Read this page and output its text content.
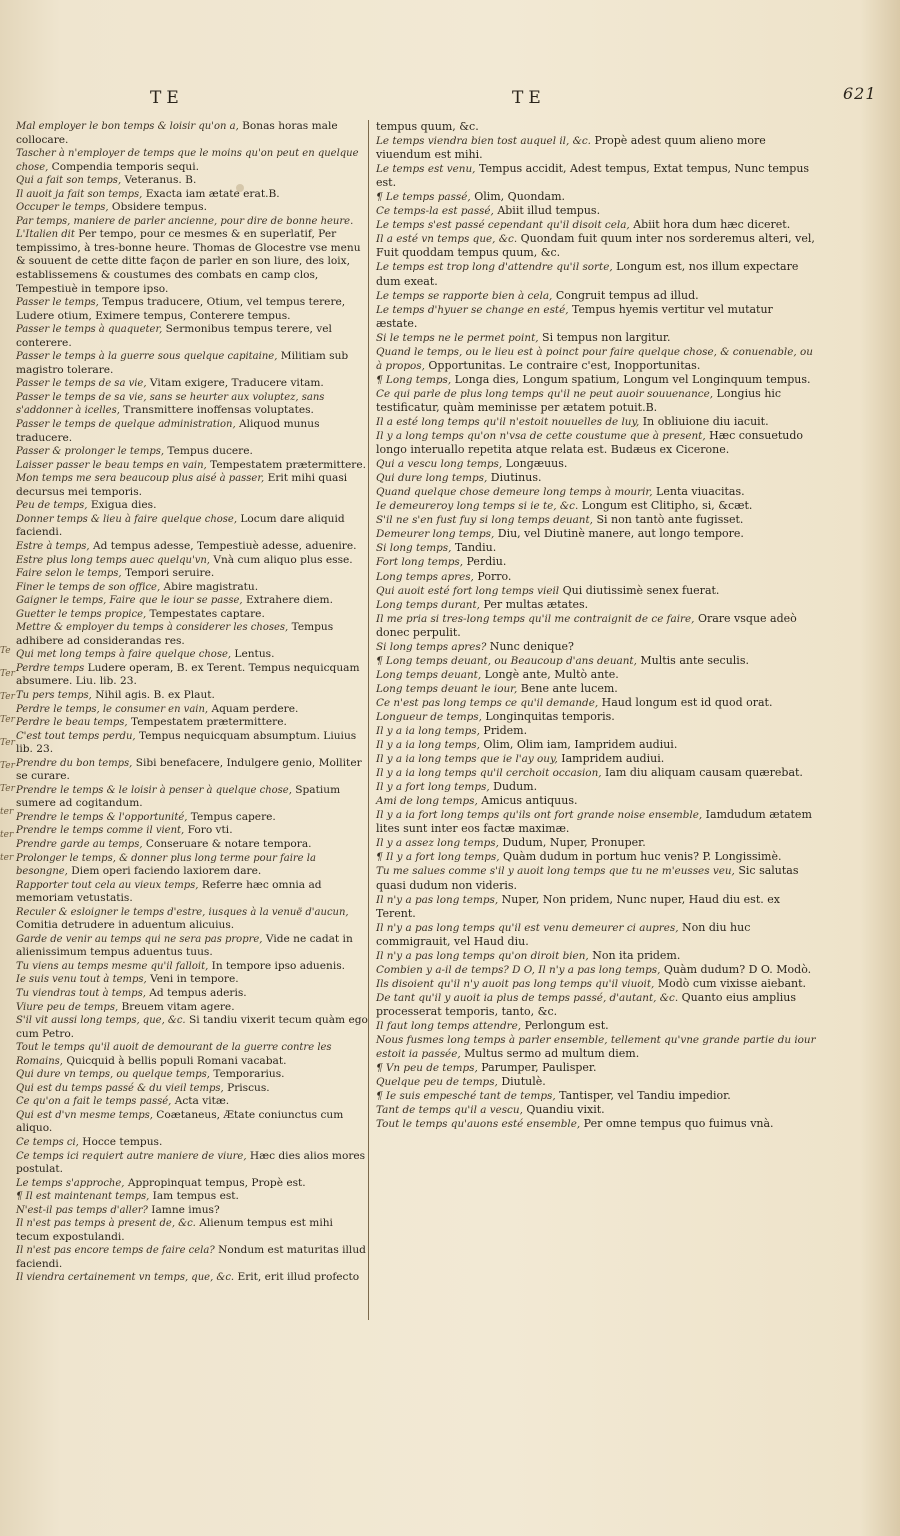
TE	TE	621
Te
Ter
Ter
Ter
Ter
Ter
Ter
ter
ter
ter
Mal employer le bon temps & loisir qu'on a, Bonas horas male collocare.
Tascher à n'employer de temps que le moins qu'on peut en quelque chose, Compendia temporis sequi.
Qui a fait son temps, Veteranus. B.
Il auoit ja fait son temps, Exacta iam ætate erat.B.
Occuper le temps, Obsidere tempus.
Par temps, maniere de parler ancienne, pour dire de bonne heure. L'Italien dit Per tempo, pour ce mesmes & en superlatif, Per tempissimo, à tres-bonne heure. Thomas de Glocestre vse menu & souuent de cette ditte façon de parler en son liure, des loix, establissemens & coustumes des combats en camp clos, Tempestiuè in tempore ipso.
Passer le temps, Tempus traducere, Otium, vel tempus terere, Ludere otium, Eximere tempus, Conterere tempus.
Passer le temps à quaqueter, Sermonibus tempus terere, vel conterere.
Passer le temps à la guerre sous quelque capitaine, Militiam sub magistro tolerare.
Passer le temps de sa vie, Vitam exigere, Traducere vitam.
Passer le temps de sa vie, sans se heurter aux voluptez, sans s'addonner à icelles, Transmittere inoffensas voluptates.
Passer le temps de quelque administration, Aliquod munus traducere.
Passer & prolonger le temps, Tempus ducere.
Laisser passer le beau temps en vain, Tempestatem prætermittere.
Mon temps me sera beaucoup plus aisé à passer, Erit mihi quasi decursus mei temporis.
Peu de temps, Exigua dies.
Donner temps & lieu à faire quelque chose, Locum dare aliquid faciendi.
Estre à temps, Ad tempus adesse, Tempestiuè adesse, aduenire.
Estre plus long temps auec quelqu'vn, Vnà cum aliquo plus esse.
Faire selon le temps, Tempori seruire.
Finer le temps de son office, Abire magistratu.
Gaigner le temps, Faire que le iour se passe, Extrahere diem.
Guetter le temps propice, Tempestates captare.
Mettre & employer du temps à considerer les choses, Tempus adhibere ad considerandas res.
Qui met long temps à faire quelque chose, Lentus.
Perdre temps Ludere operam, B. ex Terent. Tempus nequicquam absumere. Liu. lib. 23.
Tu pers temps, Nihil agis. B. ex Plaut.
Perdre le temps, le consumer en vain, Aquam perdere.
Perdre le beau temps, Tempestatem prætermittere.
C'est tout temps perdu, Tempus nequicquam absumptum. Liuius lib. 23.
Prendre du bon temps, Sibi benefacere, Indulgere genio, Molliter se curare.
Prendre le temps & le loisir à penser à quelque chose, Spatium sumere ad cogitandum.
Prendre le temps & l'opportunité, Tempus capere.
Prendre le temps comme il vient, Foro vti.
Prendre garde au temps, Conseruare & notare tempora.
Prolonger le temps, & donner plus long terme pour faire la besongne, Diem operi faciendo laxiorem dare.
Rapporter tout cela au vieux temps, Referre hæc omnia ad memoriam vetustatis.
Reculer & esloigner le temps d'estre, iusques à la venuë d'aucun, Comitia detrudere in aduentum alicuius.
Garde de venir au temps qui ne sera pas propre, Vide ne cadat in alienissimum tempus aduentus tuus.
Tu viens au temps mesme qu'il falloit, In tempore ipso aduenis.
Ie suis venu tout à temps, Veni in tempore.
Tu viendras tout à temps, Ad tempus aderis.
Viure peu de temps, Breuem vitam agere.
S'il vit aussi long temps, que, &c. Si tandiu vixerit tecum quàm ego cum Petro.
Tout le temps qu'il auoit de demourant de la guerre contre les Romains, Quicquid à bellis populi Romani vacabat.
Qui dure vn temps, ou quelque temps, Temporarius.
Qui est du temps passé & du vieil temps, Priscus.
Ce qu'on a fait le temps passé, Acta vitæ.
Qui est d'vn mesme temps, Coætaneus, Ætate coniunctus cum aliquo.
Ce temps ci, Hocce tempus.
Ce temps ici requiert autre maniere de viure, Hæc dies alios mores postulat.
Le temps s'approche, Appropinquat tempus, Propè est.
¶ Il est maintenant temps, Iam tempus est.
N'est-il pas temps d'aller? Iamne imus?
Il n'est pas temps à present de, &c. Alienum tempus est mihi tecum expostulandi.
Il n'est pas encore temps de faire cela? Nondum est maturitas illud faciendi.
Il viendra certainement vn temps, que, &c. Erit, erit illud profecto
tempus quum, &c.
Le temps viendra bien tost auquel il, &c. Propè adest quum alieno more viuendum est mihi.
Le temps est venu, Tempus accidit, Adest tempus, Extat tempus, Nunc tempus est.
¶ Le temps passé, Olim, Quondam.
Ce temps-la est passé, Abiit illud tempus.
Le temps s'est passé cependant qu'il disoit cela, Abiit hora dum hæc diceret.
Il a esté vn temps que, &c. Quondam fuit quum inter nos sorderemus alteri, vel, Fuit quoddam tempus quum, &c.
Le temps est trop long d'attendre qu'il sorte, Longum est, nos illum expectare dum exeat.
Le temps se rapporte bien à cela, Congruit tempus ad illud.
Le temps d'hyuer se change en esté, Tempus hyemis vertitur vel mutatur æstate.
Si le temps ne le permet point, Si tempus non largitur.
Quand le temps, ou le lieu est à poinct pour faire quelque chose, & conuenable, ou à propos, Opportunitas. Le contraire c'est, Inopportunitas.
¶ Long temps, Longa dies, Longum spatium, Longum vel Longinquum tempus.
Ce qui parle de plus long temps qu'il ne peut auoir souuenance, Longius hic testificatur, quàm meminisse per ætatem potuit.B.
Il a esté long temps qu'il n'estoit nouuelles de luy, In obliuione diu iacuit.
Il y a long temps qu'on n'vsa de cette coustume que à present, Hæc consuetudo longo interuallo repetita atque relata est. Budæus ex Cicerone.
Qui a vescu long temps, Longæuus.
Qui dure long temps, Diutinus.
Quand quelque chose demeure long temps à mourir, Lenta viuacitas.
Ie demeureroy long temps si ie te, &c. Longum est Clitipho, si, &cæt.
S'il ne s'en fust fuy si long temps deuant, Si non tantò ante fugisset.
Demeurer long temps, Diu, vel Diutinè manere, aut longo tempore.
Si long temps, Tandiu.
Fort long temps, Perdiu.
Long temps apres, Porro.
Qui auoit esté fort long temps vieil Qui diutissimè senex fuerat.
Long temps durant, Per multas ætates.
Il me pria si tres-long temps qu'il me contraignit de ce faire, Orare vsque adeò donec perpulit.
Si long temps apres? Nunc denique?
¶ Long temps deuant, ou Beaucoup d'ans deuant, Multis ante seculis.
Long temps deuant, Longè ante, Multò ante.
Long temps deuant le iour, Bene ante lucem.
Ce n'est pas long temps ce qu'il demande, Haud longum est id quod orat.
Longueur de temps, Longinquitas temporis.
Il y a ia long temps, Pridem.
Il y a ia long temps, Olim, Olim iam, Iampridem audiui.
Il y a ia long temps que ie l'ay ouy, Iampridem audiui.
Il y a ia long temps qu'il cerchoit occasion, Iam diu aliquam causam quærebat.
Il y a fort long temps, Dudum.
Ami de long temps, Amicus antiquus.
Il y a ia fort long temps qu'ils ont fort grande noise ensemble, Iamdudum ætatem lites sunt inter eos factæ maximæ.
Il y a assez long temps, Dudum, Nuper, Pronuper.
¶ Il y a fort long temps, Quàm dudum in portum huc venis? P. Longissimè.
Tu me salues comme s'il y auoit long temps que tu ne m'eusses veu, Sic salutas quasi dudum non videris.
Il n'y a pas long temps, Nuper, Non pridem, Nunc nuper, Haud diu est. ex Terent.
Il n'y a pas long temps qu'il est venu demeurer ci aupres, Non diu huc commigrauit, vel Haud diu.
Il n'y a pas long temps qu'on diroit bien, Non ita pridem.
Combien y a-il de temps? D O, Il n'y a pas long temps, Quàm dudum? D O. Modò.
Ils disoient qu'il n'y auoit pas long temps qu'il viuoit, Modò cum vixisse aiebant.
De tant qu'il y auoit ia plus de temps passé, d'autant, &c. Quanto eius amplius processerat temporis, tanto, &c.
Il faut long temps attendre, Perlongum est.
Nous fusmes long temps à parler ensemble, tellement qu'vne grande partie du iour estoit ia passée, Multus sermo ad multum diem.
¶ Vn peu de temps, Parumper, Paulisper.
Quelque peu de temps, Diutulè.
¶ Ie suis empesché tant de temps, Tantisper, vel Tandiu impedior.
Tant de temps qu'il a vescu, Quandiu vixit.
Tout le temps qu'auons esté ensemble, Per omne tempus quo fuimus vnà.
